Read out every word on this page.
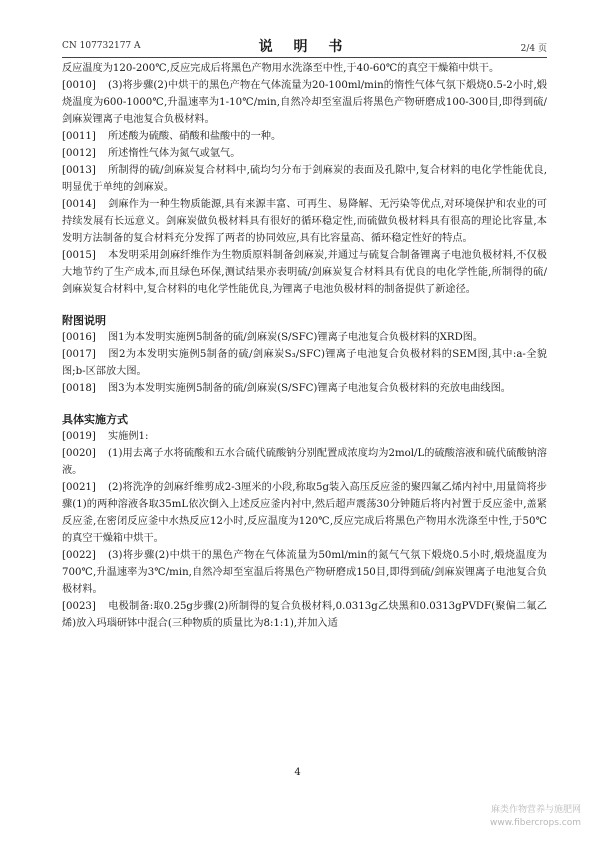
CN 107732177 A	说 明 书	2/4 页

反应温度为120-200℃,反应完成后将黑色产物用水洗涤至中性,于40-60℃的真空干燥箱中烘干。

[0010] (3)将步骤(2)中烘干的黑色产物在气体流量为20-100ml/min的惰性气体气氛下煅烧0.5-2小时,煅烧温度为600-1000℃,升温速率为1-10℃/min,自然冷却至室温后将黑色产物研磨成100-300目,即得到硫/剑麻炭锂离子电池复合负极材料。

[0011] 所述酸为硫酸、硝酸和盐酸中的一种。

[0012] 所述惰性气体为氮气或氩气。

[0013] 所制得的硫/剑麻炭复合材料中,硫均匀分布于剑麻炭的表面及孔隙中,复合材料的电化学性能优良,明显优于单纯的剑麻炭。

[0014] 剑麻作为一种生物质能源,具有来源丰富、可再生、易降解、无污染等优点,对环境保护和农业的可持续发展有长远意义。剑麻炭做负极材料具有很好的循环稳定性,而硫做负极材料具有很高的理论比容量,本发明方法制备的复合材料充分发挥了两者的协同效应,具有比容量高、循环稳定性好的特点。

[0015] 本发明采用剑麻纤维作为生物质原料制备剑麻炭,并通过与硫复合制备锂离子电池负极材料,不仅极大地节约了生产成本,而且绿色环保,测试结果亦表明硫/剑麻炭复合材料具有优良的电化学性能,所制得的硫/剑麻炭复合材料中,复合材料的电化学性能优良,为锂离子电池负极材料的制备提供了新途径。

附图说明

[0016] 图1为本发明实施例5制备的硫/剑麻炭(S/SFC)锂离子电池复合负极材料的XRD图。

[0017] 图2为本发明实施例5制备的硫/剑麻炭S₃/SFC)锂离子电池复合负极材料的SEM图,其中:a-全貌图;b-区部放大图。

[0018] 图3为本发明实施例5制备的硫/剑麻炭(S/SFC)锂离子电池复合负极材料的充放电曲线图。

具体实施方式

[0019] 实施例1:

[0020] (1)用去离子水将硫酸和五水合硫代硫酸钠分别配置成浓度均为2mol/L的硫酸溶液和硫代硫酸钠溶液。

[0021] (2)将洗净的剑麻纤维剪成2-3厘米的小段,称取5g装入高压反应釜的聚四氟乙烯内衬中,用量筒将步骤(1)的两种溶液各取35mL依次倒入上述反应釜内衬中,然后超声震荡30分钟随后将内衬置于反应釜中,盖紧反应釜,在密闭反应釜中水热反应12小时,反应温度为120℃,反应完成后将黑色产物用水洗涤至中性,于50℃的真空干燥箱中烘干。

[0022] (3)将步骤(2)中烘干的黑色产物在气体流量为50ml/min的氮气气氛下煅烧0.5小时,煅烧温度为700℃,升温速率为3℃/min,自然冷却至室温后将黑色产物研磨成150目,即得到硫/剑麻炭锂离子电池复合负极材料。

[0023] 电极制备:取0.25g步骤(2)所制得的复合负极材料,0.0313g乙炔黑和0.0313gPVDF(聚偏二氟乙烯)放入玛瑙研钵中混合(三种物质的质量比为8:1:1),并加入适

4
麻类作物营养与施肥网
www.fibercrops.com
